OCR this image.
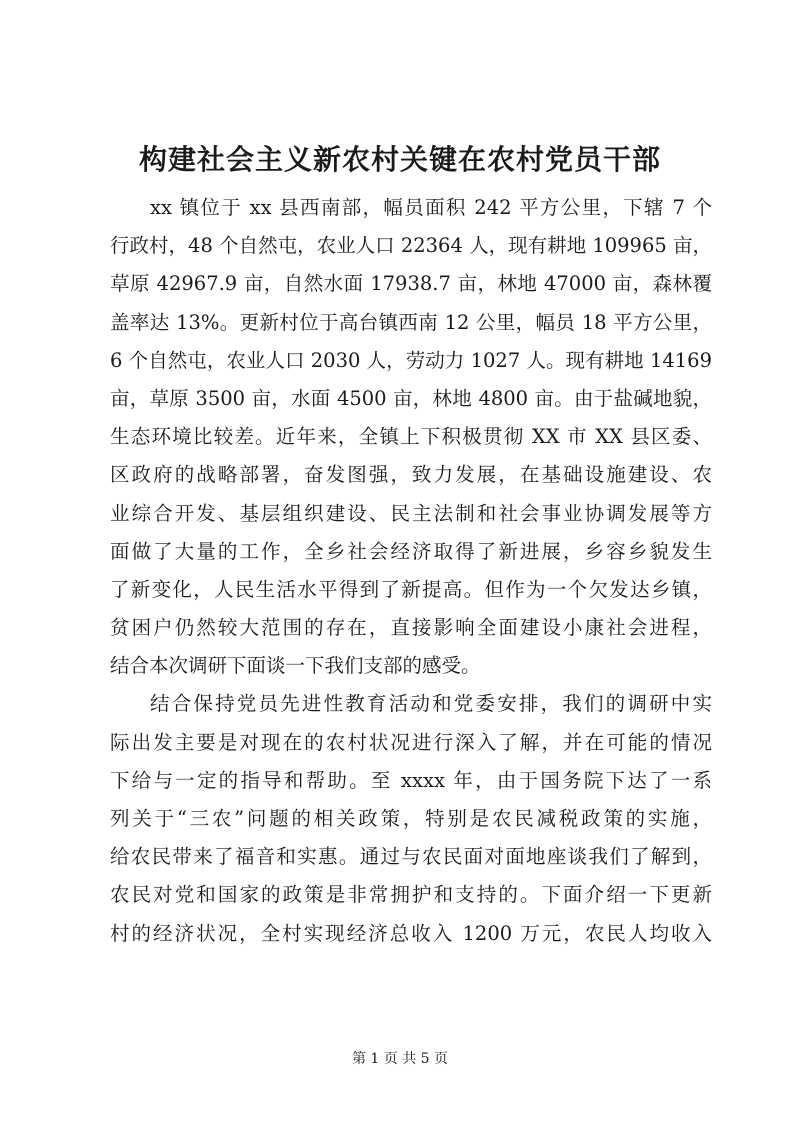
构建社会主义新农村关键在农村党员干部
xx 镇位于 xx 县西南部，幅员面积 242 平方公里，下辖 7 个
行政村，48 个自然屯，农业人口 22364 人，现有耕地 109965 亩，
草原 42967.9 亩，自然水面 17938.7 亩，林地 47000 亩，森林覆
盖率达 13%。更新村位于高台镇西南 12 公里，幅员 18 平方公里，
6 个自然屯，农业人口 2030 人，劳动力 1027 人。现有耕地 14169
亩，草原 3500 亩，水面 4500 亩，林地 4800 亩。由于盐碱地貌，
生态环境比较差。近年来，全镇上下积极贯彻 XX 市 XX 县区委、
区政府的战略部署，奋发图强，致力发展，在基础设施建设、农
业综合开发、基层组织建设、民主法制和社会事业协调发展等方
面做了大量的工作，全乡社会经济取得了新进展，乡容乡貌发生
了新变化，人民生活水平得到了新提高。但作为一个欠发达乡镇，
贫困户仍然较大范围的存在，直接影响全面建设小康社会进程，
结合本次调研下面谈一下我们支部的感受。
结合保持党员先进性教育活动和党委安排，我们的调研中实
际出发主要是对现在的农村状况进行深入了解，并在可能的情况
下给与一定的指导和帮助。至 xxxx 年，由于国务院下达了一系
列关于“三农”问题的相关政策，特别是农民减税政策的实施，
给农民带来了福音和实惠。通过与农民面对面地座谈我们了解到，
农民对党和国家的政策是非常拥护和支持的。下面介绍一下更新
村的经济状况，全村实现经济总收入 1200 万元，农民人均收入
第 1 页 共 5 页
